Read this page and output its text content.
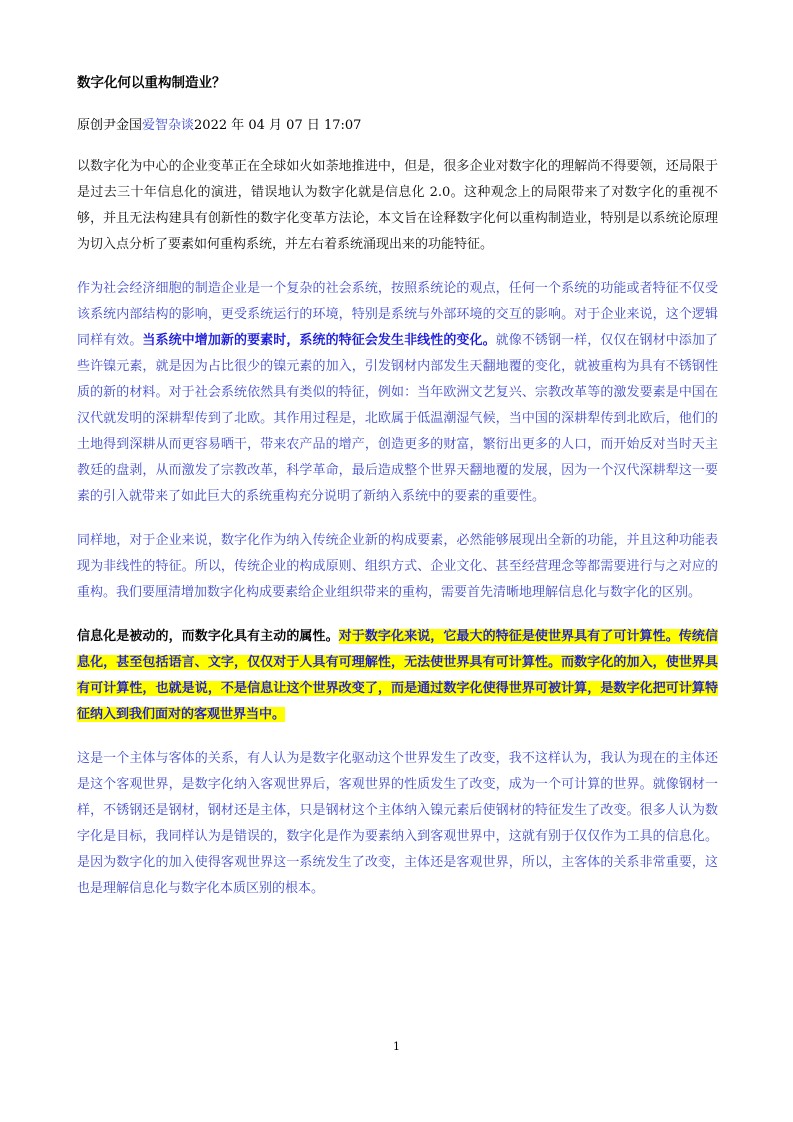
数字化何以重构制造业？
原创尹金国爱智杂谈2022 年 04 月 07 日 17:07

以数字化为中心的企业变革正在全球如火如荼地推进中，但是，很多企业对数字化的理解尚不得要领，还局限于是过去三十年信息化的演进，错误地认为数字化就是信息化 2.0。这种观念上的局限带来了对数字化的重视不够，并且无法构建具有创新性的数字化变革方法论，本文旨在诠释数字化何以重构制造业，特别是以系统论原理为切入点分析了要素如何重构系统，并左右着系统涌现出来的功能特征。

作为社会经济细胞的制造企业是一个复杂的社会系统，按照系统论的观点，任何一个系统的功能或者特征不仅受该系统内部结构的影响，更受系统运行的环境，特别是系统与外部环境的交互的影响。对于企业来说，这个逻辑同样有效。当系统中增加新的要素时，系统的特征会发生非线性的变化。就像不锈钢一样，仅仅在钢材中添加了些许镍元素，就是因为占比很少的镍元素的加入，引发钢材内部发生天翻地覆的变化，就被重构为具有不锈钢性质的新的材料。对于社会系统依然具有类似的特征，例如：当年欧洲文艺复兴、宗教改革等的激发要素是中国在汉代就发明的深耕犁传到了北欧。其作用过程是，北欧属于低温潮湿气候，当中国的深耕犁传到北欧后，他们的土地得到深耕从而更容易晒干，带来农产品的增产，创造更多的财富，繁衍出更多的人口，而开始反对当时天主教廷的盘剥，从而激发了宗教改革，科学革命，最后造成整个世界天翻地覆的发展，因为一个汉代深耕犁这一要素的引入就带来了如此巨大的系统重构充分说明了新纳入系统中的要素的重要性。

同样地，对于企业来说，数字化作为纳入传统企业新的构成要素，必然能够展现出全新的功能，并且这种功能表现为非线性的特征。所以，传统企业的构成原则、组织方式、企业文化、甚至经营理念等都需要进行与之对应的重构。我们要厘清增加数字化构成要素给企业组织带来的重构，需要首先清晰地理解信息化与数字化的区别。

信息化是被动的，而数字化具有主动的属性。对于数字化来说，它最大的特征是使世界具有了可计算性。传统信息化，甚至包括语言、文字，仅仅对于人具有可理解性，无法使世界具有可计算性。而数字化的加入，使世界具有可计算性，也就是说，不是信息让这个世界改变了，而是通过数字化使得世界可被计算，是数字化把可计算特征纳入到我们面对的客观世界当中。

这是一个主体与客体的关系，有人认为是数字化驱动这个世界发生了改变，我不这样认为，我认为现在的主体还是这个客观世界，是数字化纳入客观世界后，客观世界的性质发生了改变，成为一个可计算的世界。就像钢材一样，不锈钢还是钢材，钢材还是主体，只是钢材这个主体纳入镍元素后使钢材的特征发生了改变。很多人认为数字化是目标，我同样认为是错误的，数字化是作为要素纳入到客观世界中，这就有别于仅仅作为工具的信息化。是因为数字化的加入使得客观世界这一系统发生了改变，主体还是客观世界，所以，主客体的关系非常重要，这也是理解信息化与数字化本质区别的根本。

1
